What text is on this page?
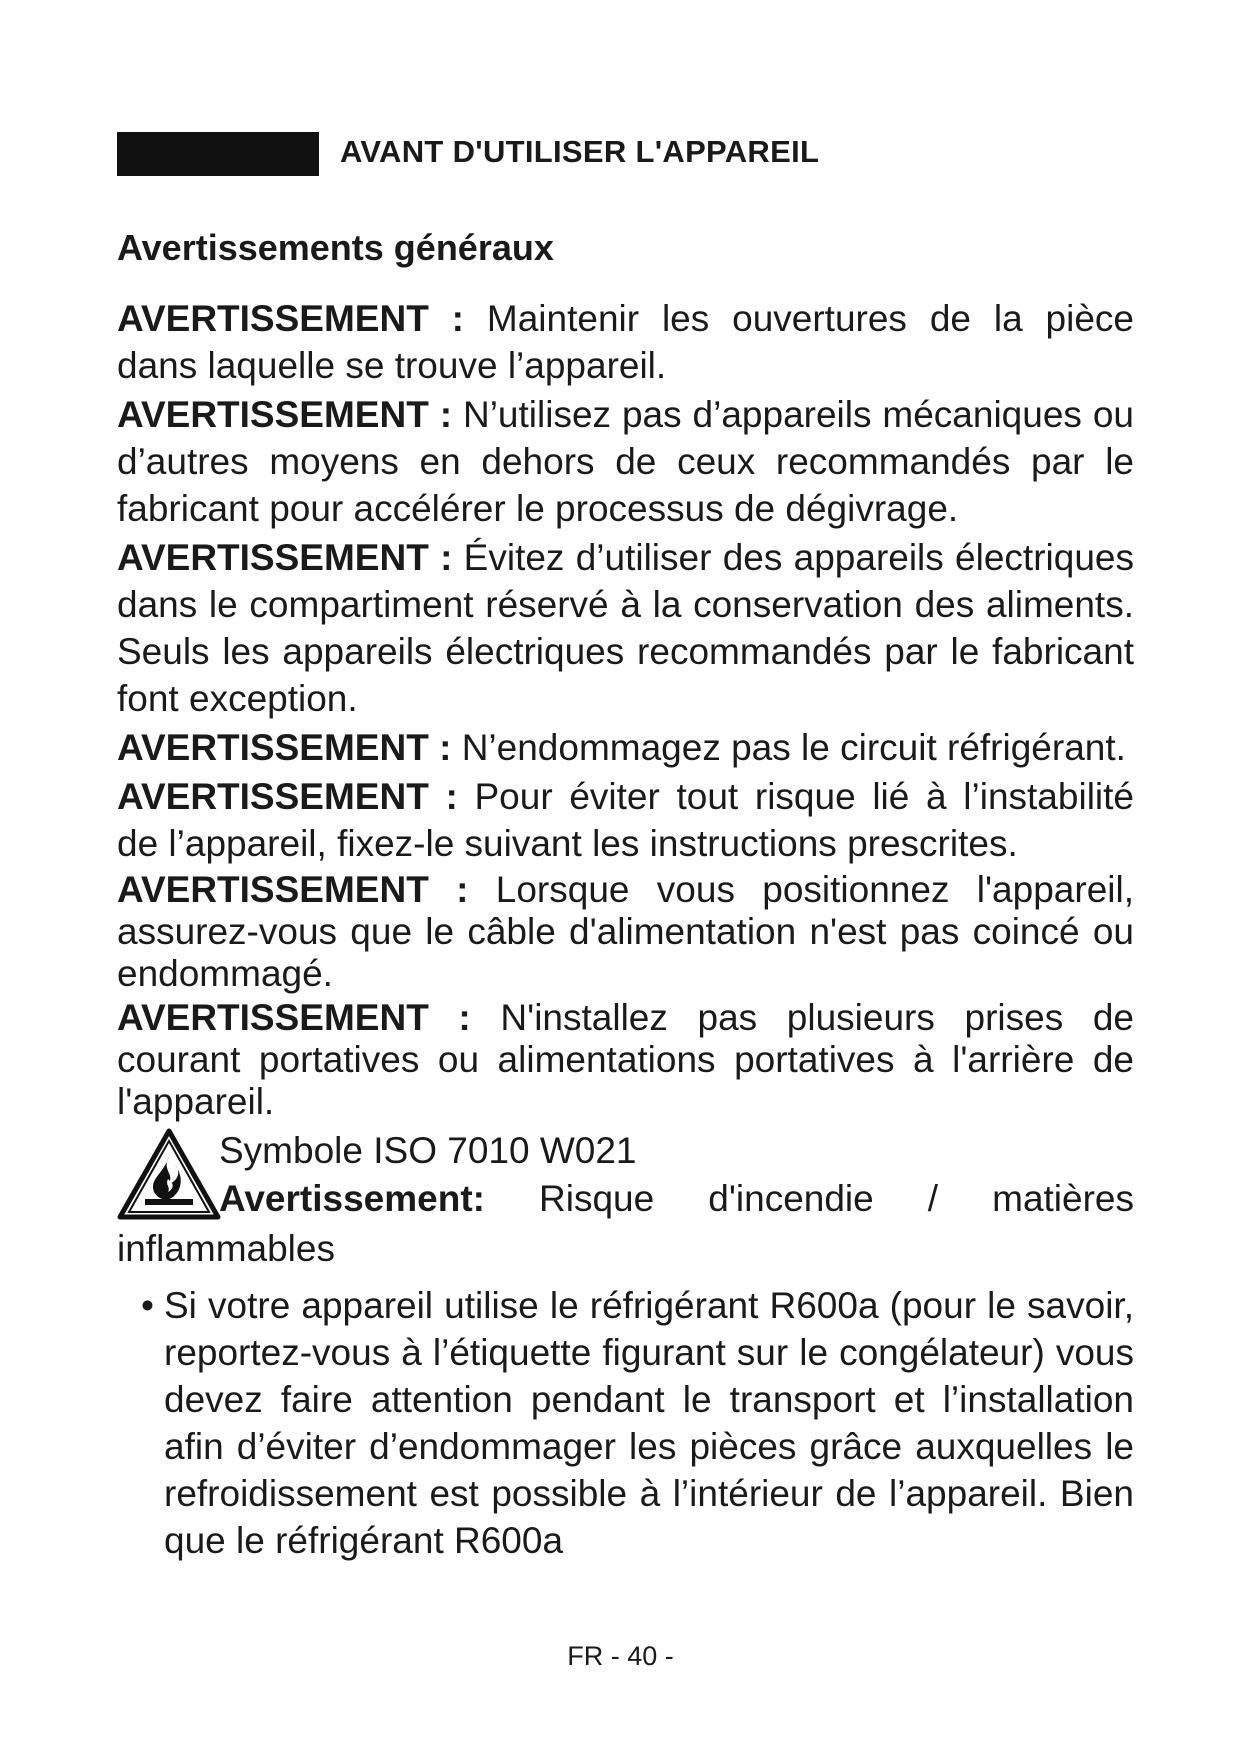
AVANT D'UTILISER L'APPAREIL
Avertissements généraux

AVERTISSEMENT : Maintenir les ouvertures de la pièce dans laquelle se trouve l’appareil.

AVERTISSEMENT : N’utilisez pas d’appareils mécaniques ou d’autres moyens en dehors de ceux recommandés par le fabricant pour accélérer le processus de dégivrage.

AVERTISSEMENT : Évitez d’utiliser des appareils électriques dans le compartiment réservé à la conservation des aliments. Seuls les appareils électriques recommandés par le fabricant font exception.

AVERTISSEMENT : N’endommagez pas le circuit réfrigérant.

AVERTISSEMENT : Pour éviter tout risque lié à l’instabilité de l’appareil, fixez-le suivant les instructions prescrites.

AVERTISSEMENT : Lorsque vous positionnez l'appareil, assurez-vous que le câble d'alimentation n'est pas coincé ou endommagé.

AVERTISSEMENT : N'installez pas plusieurs prises de courant portatives ou alimentations portatives à l'arrière de l'appareil.

Symbole ISO 7010 W021
Avertissement: Risque d'incendie / matières
inflammables
• Si votre appareil utilise le réfrigérant R600a (pour le savoir, reportez-vous à l’étiquette figurant sur le congélateur) vous devez faire attention pendant le transport et l’installation afin d’éviter d’endommager les pièces grâce auxquelles le refroidissement est possible à l’intérieur de l’appareil. Bien que le réfrigérant R600a
FR - 40 -
